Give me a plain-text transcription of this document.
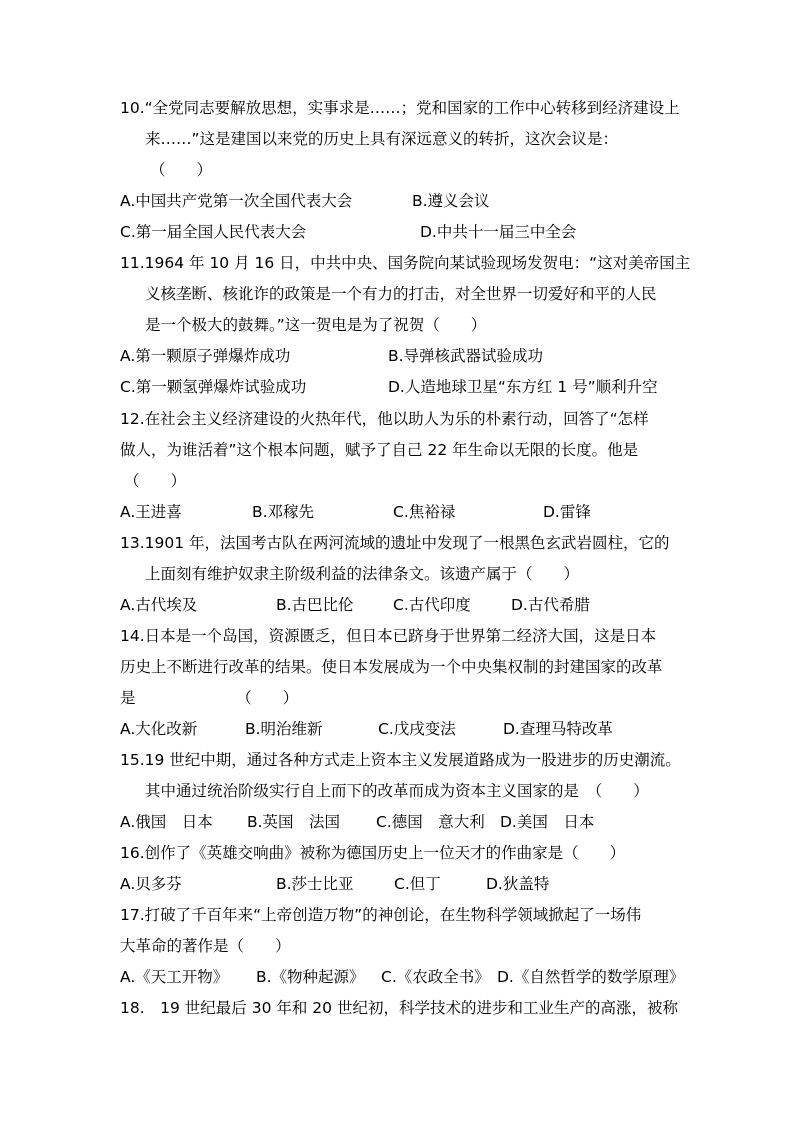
10.“全党同志要解放思想，实事求是……；党和国家的工作中心转移到经济建设上
来……”这是建国以来党的历史上具有深远意义的转折，这次会议是：
（　　）
A.中国共产党第一次全国代表大会	B.遵义会议
C.第一届全国人民代表大会	D.中共十一届三中全会
11.1964 年 10 月 16 日，中共中央、国务院向某试验现场发贺电：“这对美帝国主
义核垄断、核讹诈的政策是一个有力的打击，对全世界一切爱好和平的人民
是一个极大的鼓舞。”这一贺电是为了祝贺（　　）
A.第一颗原子弹爆炸成功	B.导弹核武器试验成功
C.第一颗氢弹爆炸试验成功	D.人造地球卫星“东方红 1 号”顺利升空
12.在社会主义经济建设的火热年代，他以助人为乐的朴素行动，回答了“怎样
做人，为谁活着”这个根本问题，赋予了自己 22 年生命以无限的长度。他是
（　　）
A.王进喜	B.邓稼先	C.焦裕禄	D.雷锋
13.1901 年，法国考古队在两河流域的遗址中发现了一根黑色玄武岩圆柱，它的
上面刻有维护奴隶主阶级利益的法律条文。该遗产属于（　　）
A.古代埃及	B.古巴比伦	C.古代印度	D.古代希腊
14.日本是一个岛国，资源匮乏，但日本已跻身于世界第二经济大国，这是日本
历史上不断进行改革的结果。使日本发展成为一个中央集权制的封建国家的改革
是　　　　　　　（　　）
A.大化改新	B.明治维新	C.戊戌变法	D.查理马特改革
15.19 世纪中期，通过各种方式走上资本主义发展道路成为一股进步的历史潮流。
其中通过统治阶级实行自上而下的改革而成为资本主义国家的是　（　　）
A.俄国　日本 B.英国　法国 C.德国　意大利 D.美国　日本
16.创作了《英雄交响曲》被称为德国历史上一位天才的作曲家是（　　）
A.贝多芬	B.莎士比亚	C.但丁	D.狄盖特
17.打破了千百年来“上帝创造万物”的神创论，在生物科学领域掀起了一场伟
大革命的著作是（　　）
A.《天工开物》 B.《物种起源》 C.《农政全书》 D.《自然哲学的数学原理》
18.　19 世纪最后 30 年和 20 世纪初，科学技术的进步和工业生产的高涨，被称
